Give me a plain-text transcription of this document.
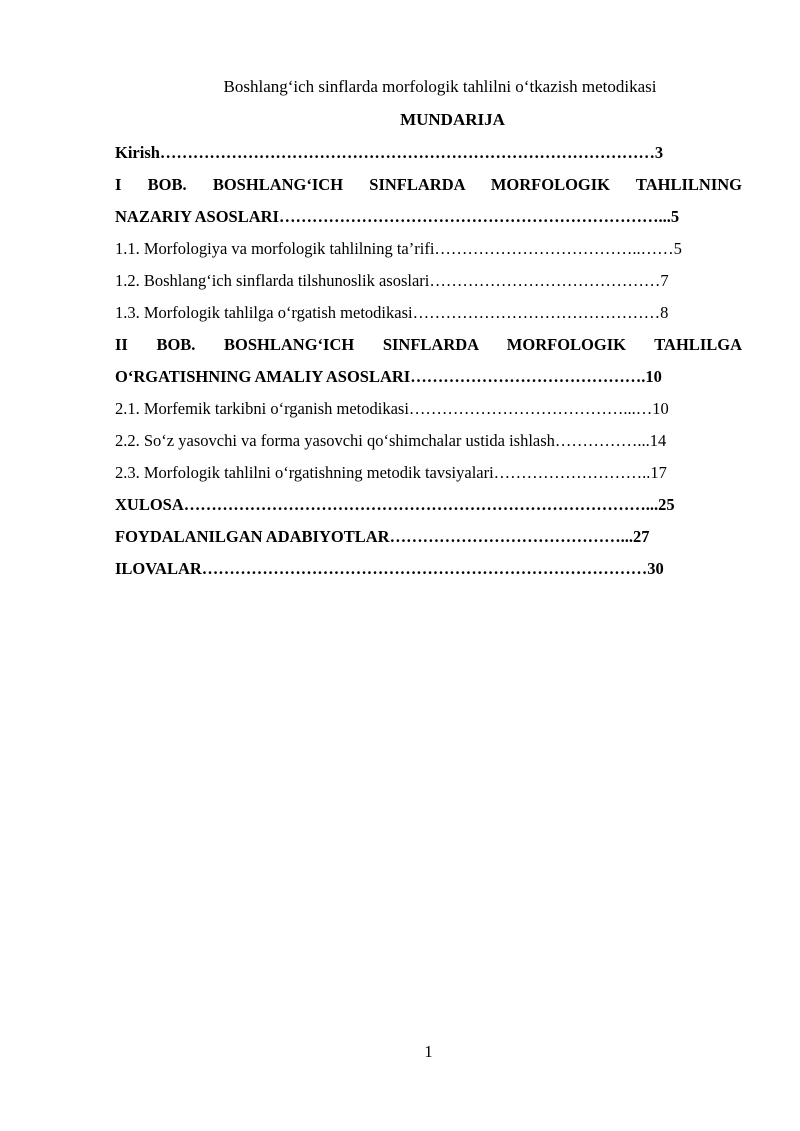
Boshlang‘ich sinflarda morfologik tahlilni o‘tkazish metodikasi
MUNDARIJA
Kirish………………………………………………………………………………3
I BOB. BOSHLANG‘ICH SINFLARDA MORFOLOGIK TAHLILNING
NAZARIY ASOSLARI……………………………………………………………...5
1.1. Morfologiya va morfologik tahlilning ta’rifi………………………………..……5
1.2. Boshlang‘ich sinflarda tilshunoslik asoslari……………………………………7
1.3. Morfologik tahlilga o‘rgatish metodikasi………………………………………8
II BOB. BOSHLANG‘ICH SINFLARDA MORFOLOGIK TAHLILGA
O‘RGATISHNING AMALIY ASOSLARI…………………………………….10
2.1. Morfemik tarkibni o‘rganish metodikasi…………………………………...…10
2.2. So‘z yasovchi va forma yasovchi qo‘shimchalar ustida ishlash……………...14
2.3. Morfologik tahlilni o‘rgatishning metodik tavsiyalari………………………..17
XULOSA…………………………………………………………………………...25
FOYDALANILGAN ADABIYOTLAR……………………………………...27
ILOVALAR………………………………………………………………………30
1
